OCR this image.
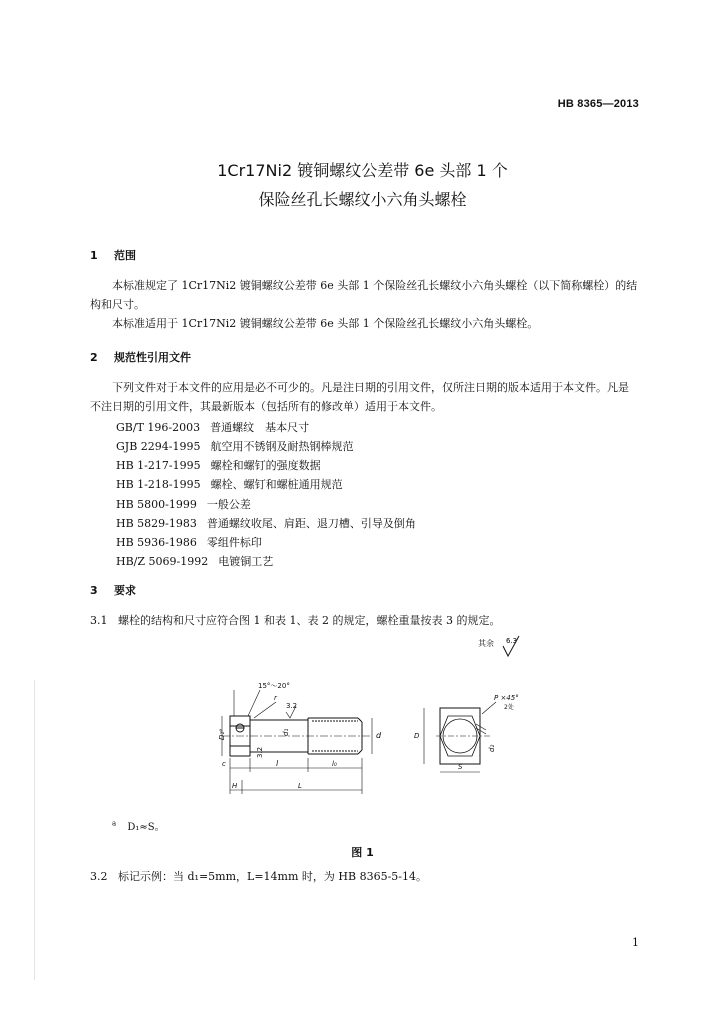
HB 8365—2013
1Cr17Ni2 镀铜螺纹公差带 6e 头部 1 个
保险丝孔长螺纹小六角头螺栓
1 范围
本标准规定了 1Cr17Ni2 镀铜螺纹公差带 6e 头部 1 个保险丝孔长螺纹小六角头螺栓（以下简称螺栓）的结构和尺寸。
本标准适用于 1Cr17Ni2 镀铜螺纹公差带 6e 头部 1 个保险丝孔长螺纹小六角头螺栓。
2 规范性引用文件
下列文件对于本文件的应用是必不可少的。凡是注日期的引用文件，仅所注日期的版本适用于本文件。凡是不注日期的引用文件，其最新版本（包括所有的修改单）适用于本文件。
GB/T 196-2003 普通螺纹　基本尺寸
GJB 2294-1995 航空用不锈钢及耐热钢棒规范
HB 1-217-1995 螺栓和螺钉的强度数据
HB 1-218-1995 螺栓、螺钉和螺桩通用规范
HB 5800-1999 一般公差
HB 5829-1983 普通螺纹收尾、肩距、退刀槽、引导及倒角
HB 5936-1986 零组件标印
HB/Z 5069-1992 电镀铜工艺
3 要求
3.1 螺栓的结构和尺寸应符合图 1 和表 1、表 2 的规定，螺栓重量按表 3 的规定。
其余 6.3
15°～20°
r
3.2
3.2
D₁ᵃ	d₁	d
c	l	l₀
H	L
P ×45°
2处
D
S
d₂
$^a$ D₁≈S。
图 1
3.2 标记示例：当 d₁=5mm，L=14mm 时，为 HB 8365-5-14。
1
